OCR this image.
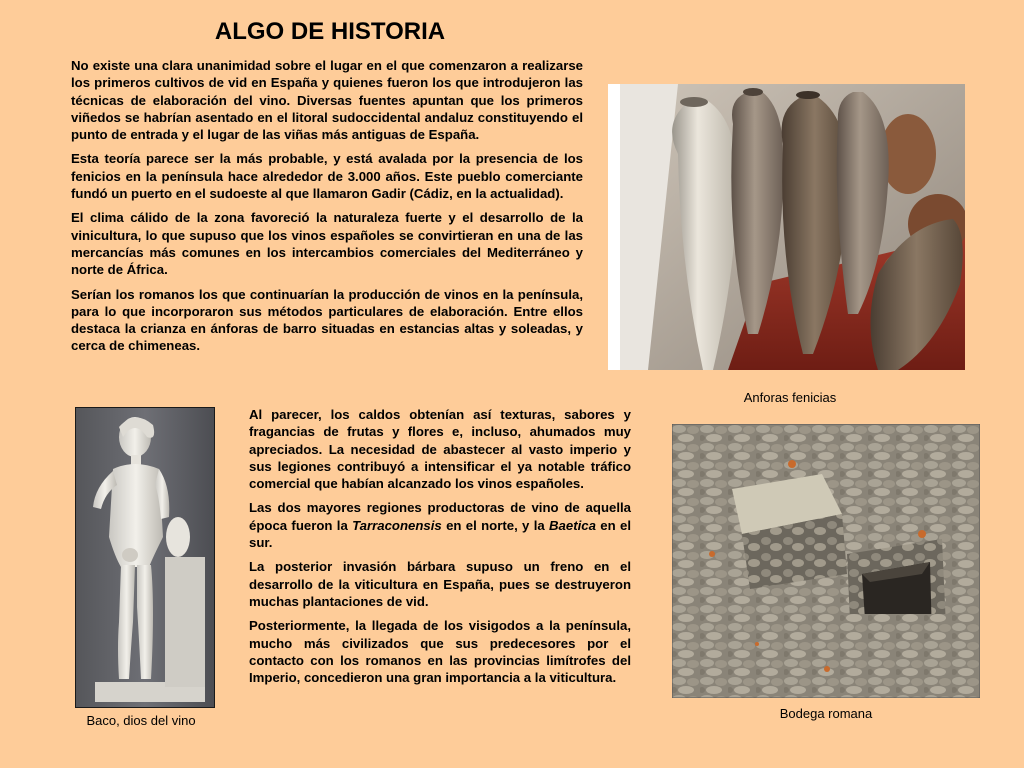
ALGO DE HISTORIA

No existe una clara unanimidad sobre el lugar en el que comenzaron a realizarse los primeros cultivos de vid en España y quienes fueron los que introdujeron las técnicas de elaboración del vino. Diversas fuentes apuntan que los primeros viñedos se habrían asentado en el litoral sudoccidental andaluz constituyendo el punto de entrada y el lugar de las viñas más antiguas de España.

Esta teoría parece ser la más probable, y está avalada por la presencia de los fenicios en la península hace alrededor de 3.000 años. Este pueblo comerciante fundó un puerto en el sudoeste al que llamaron Gadir (Cádiz, en la actualidad).

El clima cálido de la zona favoreció la naturaleza fuerte y el desarrollo de la vinicultura, lo que supuso que los vinos españoles se convirtieran en una de las mercancías más comunes en los intercambios comerciales del Mediterráneo y norte de África.

Serían los romanos los que continuarían la producción de vinos en la península, para lo que incorporaron sus métodos particulares de elaboración. Entre ellos destaca la crianza en ánforas de barro situadas en estancias altas y soleadas, y cerca de chimeneas.

Anforas fenicias
Baco, dios del vino

Al parecer, los caldos obtenían así texturas, sabores y fragancias de frutas y flores e, incluso, ahumados muy apreciados. La necesidad de abastecer al vasto imperio y sus legiones contribuyó a intensificar el ya notable tráfico comercial que habían alcanzado los vinos españoles.

Las dos mayores regiones productoras de vino de aquella época fueron la Tarraconensis en el norte, y la Baetica en el sur.

La posterior invasión bárbara supuso un freno en el desarrollo de la viticultura en España, pues se destruyeron muchas plantaciones de vid.

Posteriormente, la llegada de los visigodos a la península, mucho más civilizados que sus predecesores por el contacto con los romanos en las provincias limítrofes del Imperio, concedieron una gran importancia a la viticultura.

Bodega romana
